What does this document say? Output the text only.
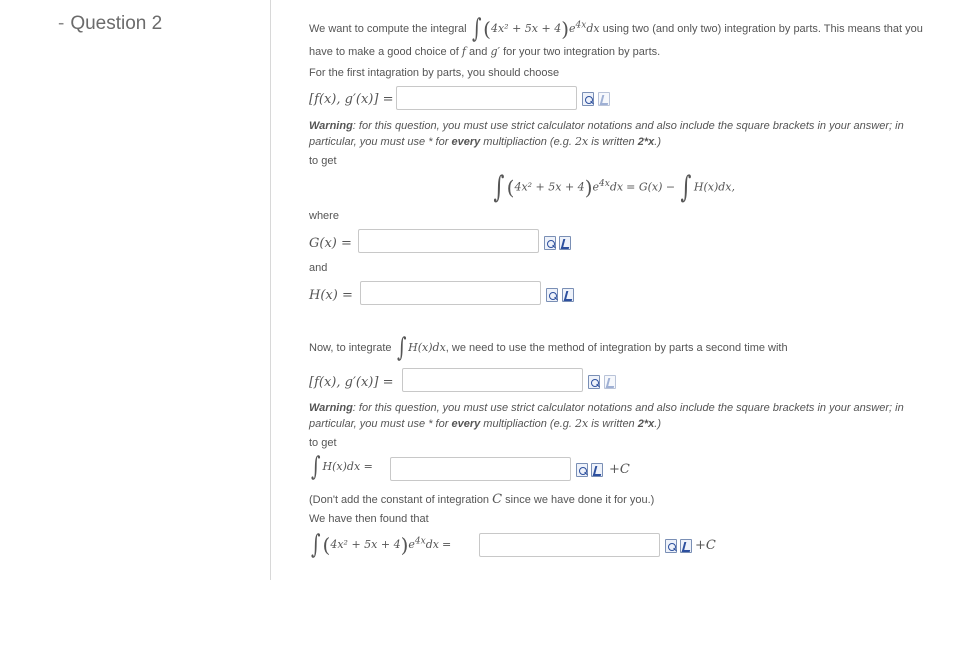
- Question 2	We want to compute the integral ∫ $(4x^2 + 5x + 4)e^{4x}dx$ using two (and only two) integration by parts. This means that you
have to make a good choice of f and g′ for your two integration by parts.
For the first intagration by parts, you should choose
[f(x), g′(x)] =
Warning: for this question, you must use strict calculator notations and also include the square brackets in your answer; in particular, you must use * for every multipliaction (e.g. 2x is written 2*x.)
to get
∫ $(4x^2 + 5x + 4)e^{4x}dx = G(x)$ − ∫ H(x)dx,
where
G(x) =
and
H(x) =
Now, to integrate ∫ H(x)dx, we need to use the method of integration by parts a second time with
[f(x), g′(x)] =
Warning: for this question, you must use strict calculator notations and also include the square brackets in your answer; in particular, you must use * for every multipliaction (e.g. 2x is written 2*x.)
to get
∫ H(x)dx =	+C
(Don't add the constant of integration C since we have done it for you.)
We have then found that
∫ $(4x^2 + 5x + 4)e^{4x}dx$ =	+C
